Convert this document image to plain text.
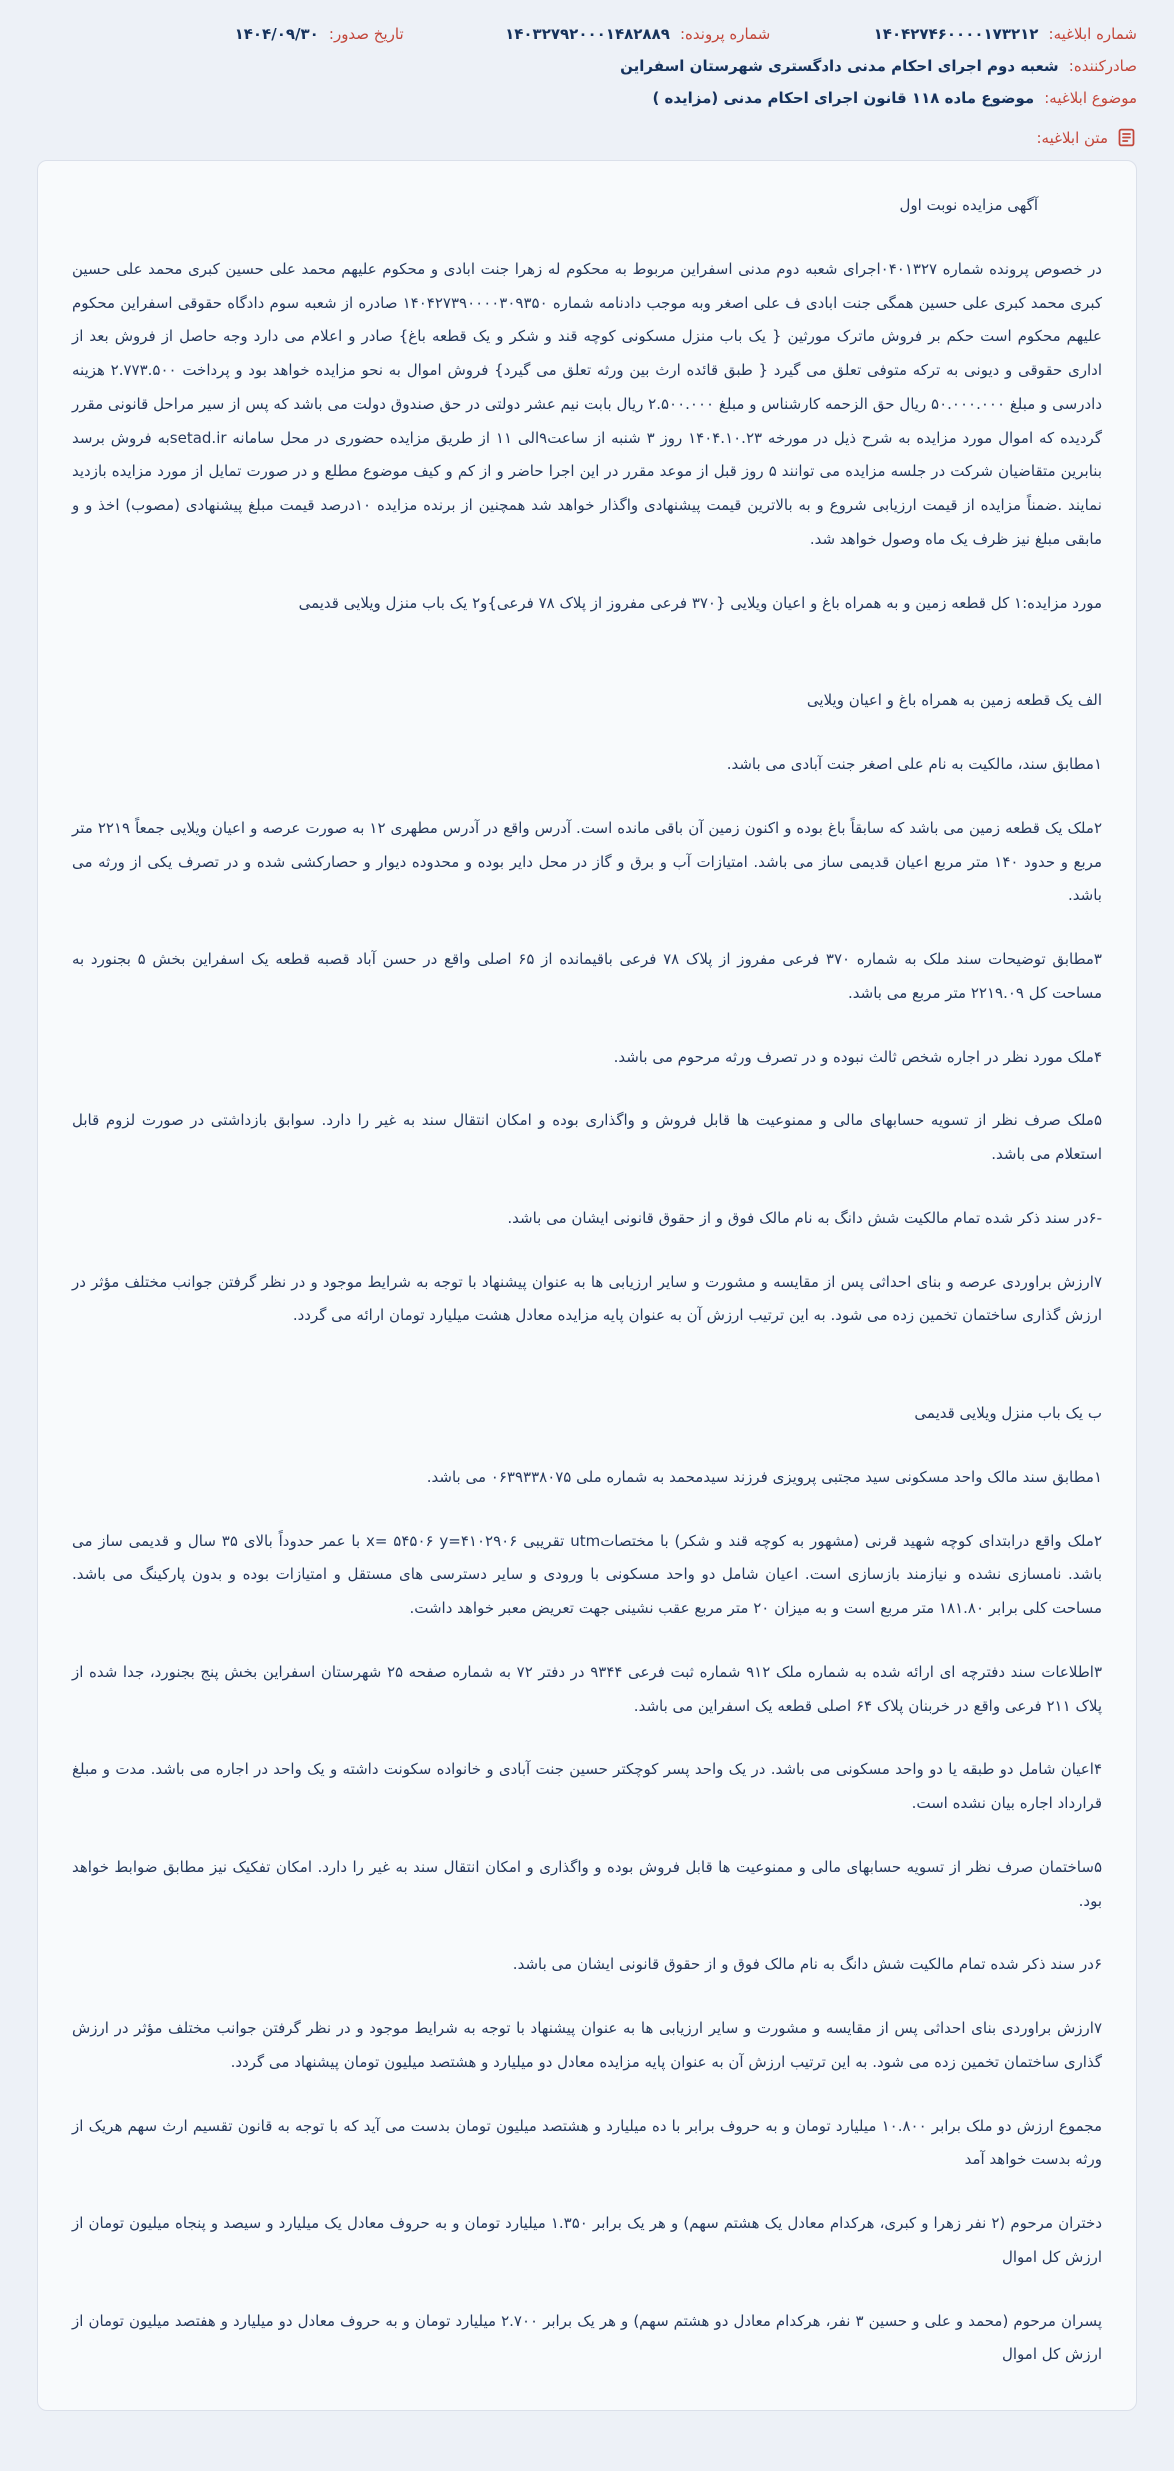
شماره ابلاغیه: ۱۴۰۴۲۷۴۶۰۰۰۰۱۷۳۲۱۲
شماره پرونده: ۱۴۰۳۲۷۹۲۰۰۰۱۴۸۲۸۸۹
تاریخ صدور: ۱۴۰۴/۰۹/۳۰
صادرکننده: شعبه دوم اجرای احکام مدنی دادگستری شهرستان اسفراین
موضوع ابلاغیه: موضوع ماده ۱۱۸ قانون اجرای احکام مدنی (مزایده )
متن ابلاغیه:

آگهی مزایده نوبت اول

در خصوص پرونده شماره ۰۴۰۱۳۲۷اجرای شعبه دوم مدنی اسفراین مربوط به محکوم له زهرا جنت ابادی و محکوم علیهم محمد علی حسین کبری محمد علی حسین کبری محمد کبری علی حسین همگی جنت ابادی ف علی اصغر وبه موجب دادنامه شماره ۱۴۰۴۲۷۳۹۰۰۰۰۳۰۹۳۵۰ صادره از شعبه سوم دادگاه حقوقی اسفراین محکوم علیهم محکوم است حکم بر فروش ماترک مورثین { یک باب منزل مسکونی کوچه قند و شکر و یک قطعه باغ} صادر و اعلام می دارد وجه حاصل از فروش بعد از اداری حقوقی و دیونی به ترکه متوفی تعلق می گیرد { طبق قائده ارث بین ورثه تعلق می گیرد} فروش اموال به نحو مزایده خواهد بود و پرداخت ۲.۷۷۳.۵۰۰ هزینه دادرسی و مبلغ ۵۰.۰۰۰.۰۰۰ ریال حق الزحمه کارشناس و مبلغ ۲.۵۰۰.۰۰۰ ریال بابت نیم عشر دولتی در حق صندوق دولت می باشد که پس از سیر مراحل قانونی مقرر گردیده که اموال مورد مزایده به شرح ذیل در مورخه ۱۴۰۴.۱۰.۲۳ روز ۳ شنبه از ساعت۹الی ۱۱ از طریق مزایده حضوری در محل سامانه setad.irبه فروش برسد بنابرین متقاضیان شرکت در جلسه مزایده می توانند ۵ روز قبل از موعد مقرر در این اجرا حاضر و از کم و کیف موضوع مطلع و در صورت تمایل از مورد مزایده بازدید نمایند .ضمناً مزایده از قیمت ارزیابی شروع و به بالاترین قیمت پیشنهادی واگذار خواهد شد همچنین از برنده مزایده ۱۰درصد قیمت مبلغ پیشنهادی (مصوب) اخذ و و مابقی مبلغ نیز ظرف یک ماه وصول خواهد شد.

مورد مزایده:۱ کل قطعه زمین و به همراه باغ و اعیان ویلایی {۳۷۰ فرعی مفروز از پلاک ۷۸ فرعی}و۲ یک باب منزل ویلایی قدیمی

الف یک قطعه زمین به همراه باغ و اعیان ویلایی

۱مطابق سند، مالکیت به نام علی اصغر جنت آبادی می باشد.

۲ملک یک قطعه زمین می باشد که سابقاً باغ بوده و اکنون زمین آن باقی مانده است. آدرس واقع در آدرس مطهری ۱۲ به صورت عرصه و اعیان ویلایی جمعاً ۲۲۱۹ متر مربع و حدود ۱۴۰ متر مربع اعیان قدیمی ساز می باشد. امتیازات آب و برق و گاز در محل دایر بوده و محدوده دیوار و حصارکشی شده و در تصرف یکی از ورثه می باشد.

۳مطابق توضیحات سند ملک به شماره ۳۷۰ فرعی مفروز از پلاک ۷۸ فرعی باقیمانده از ۶۵ اصلی واقع در حسن آباد قصبه قطعه یک اسفراین بخش ۵ بجنورد به مساحت کل ۲۲۱۹.۰۹ متر مربع می باشد.

۴ملک مورد نظر در اجاره شخص ثالث نبوده و در تصرف ورثه مرحوم می باشد.

۵ملک صرف نظر از تسویه حسابهای مالی و ممنوعیت ها قابل فروش و واگذاری بوده و امکان انتقال سند به غیر را دارد. سوابق بازداشتی در صورت لزوم قابل استعلام می باشد.

-۶در سند ذکر شده تمام مالکیت شش دانگ به نام مالک فوق و از حقوق قانونی ایشان می باشد.

۷ارزش براوردی عرصه و بنای احداثی پس از مقایسه و مشورت و سایر ارزیابی ها به عنوان پیشنهاد با توجه به شرایط موجود و در نظر گرفتن جوانب مختلف مؤثر در ارزش گذاری ساختمان تخمین زده می شود. به این ترتیب ارزش آن به عنوان پایه مزایده معادل هشت میلیارد تومان ارائه می گردد.

ب یک باب منزل ویلایی قدیمی

۱مطابق سند مالک واحد مسکونی سید مجتبی پرویزی فرزند سیدمحمد به شماره ملی ۰۶۳۹۳۳۸۰۷۵ می باشد.

۲ملک واقع درابتدای کوچه شهید قرنی (مشهور به کوچه قند و شکر) با مختصاتutm تقریبی x= ۵۴۵۰۶ y=۴۱۰۲۹۰۶ با عمر حدوداً بالای ۳۵ سال و قدیمی ساز می باشد. نامسازی نشده و نیازمند بازسازی است. اعیان شامل دو واحد مسکونی با ورودی و سایر دسترسی های مستقل و امتیازات بوده و بدون پارکینگ می باشد. مساحت کلی برابر ۱۸۱.۸۰ متر مربع است و به میزان ۲۰ متر مربع عقب نشینی جهت تعریض معبر خواهد داشت.

۳اطلاعات سند دفترچه ای ارائه شده به شماره ملک ۹۱۲ شماره ثبت فرعی ۹۳۴۴ در دفتر ۷۲ به شماره صفحه ۲۵ شهرستان اسفراین بخش پنج بجنورد، جدا شده از پلاک ۲۱۱ فرعی واقع در خربنان پلاک ۶۴ اصلی قطعه یک اسفراین می باشد.

۴اعیان شامل دو طبقه یا دو واحد مسکونی می باشد. در یک واحد پسر کوچکتر حسین جنت آبادی و خانواده سکونت داشته و یک واحد در اجاره می باشد. مدت و مبلغ قرارداد اجاره بیان نشده است.

۵ساختمان صرف نظر از تسویه حسابهای مالی و ممنوعیت ها قابل فروش بوده و واگذاری و امکان انتقال سند به غیر را دارد. امکان تفکیک نیز مطابق ضوابط خواهد بود.

۶در سند ذکر شده تمام مالکیت شش دانگ به نام مالک فوق و از حقوق قانونی ایشان می باشد.

۷ارزش براوردی بنای احداثی پس از مقایسه و مشورت و سایر ارزیابی ها به عنوان پیشنهاد با توجه به شرایط موجود و در نظر گرفتن جوانب مختلف مؤثر در ارزش گذاری ساختمان تخمین زده می شود. به این ترتیب ارزش آن به عنوان پایه مزایده معادل دو میلیارد و هشتصد میلیون تومان پیشنهاد می گردد.

مجموع ارزش دو ملک برابر ۱۰.۸۰۰ میلیارد تومان و به حروف برابر با ده میلیارد و هشتصد میلیون تومان بدست می آید که با توجه به قانون تقسیم ارث سهم هریک از ورثه بدست خواهد آمد

دختران مرحوم (۲ نفر زهرا و کبری، هرکدام معادل یک هشتم سهم) و هر یک برابر ۱.۳۵۰ میلیارد تومان و به حروف معادل یک میلیارد و سیصد و پنجاه میلیون تومان از ارزش کل اموال

پسران مرحوم (محمد و علی و حسین ۳ نفر، هرکدام معادل دو هشتم سهم) و هر یک برابر ۲.۷۰۰ میلیارد تومان و به حروف معادل دو میلیارد و هفتصد میلیون تومان از ارزش کل اموال
